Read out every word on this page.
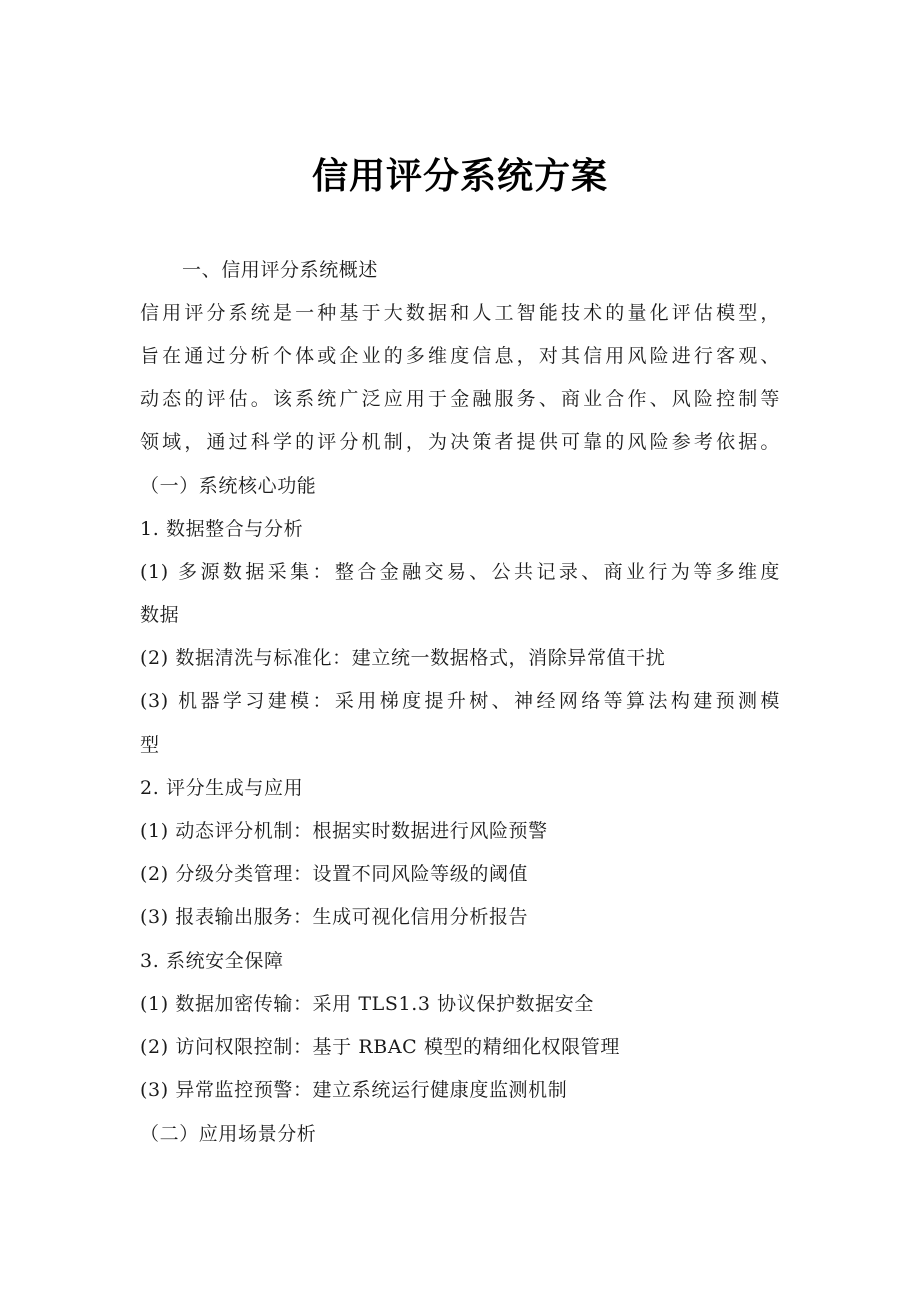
信用评分系统方案
一、信用评分系统概述
信用评分系统是一种基于大数据和人工智能技术的量化评估模型，
旨在通过分析个体或企业的多维度信息，对其信用风险进行客观、
动态的评估。该系统广泛应用于金融服务、商业合作、风险控制等
领域，通过科学的评分机制，为决策者提供可靠的风险参考依据。
（一）系统核心功能
1. 数据整合与分析
(1) 多源数据采集：整合金融交易、公共记录、商业行为等多维度
数据
(2) 数据清洗与标准化：建立统一数据格式，消除异常值干扰
(3) 机器学习建模：采用梯度提升树、神经网络等算法构建预测模
型
2. 评分生成与应用
(1) 动态评分机制：根据实时数据进行风险预警
(2) 分级分类管理：设置不同风险等级的阈值
(3) 报表输出服务：生成可视化信用分析报告
3. 系统安全保障
(1) 数据加密传输：采用 TLS1.3 协议保护数据安全
(2) 访问权限控制：基于 RBAC 模型的精细化权限管理
(3) 异常监控预警：建立系统运行健康度监测机制
（二）应用场景分析
